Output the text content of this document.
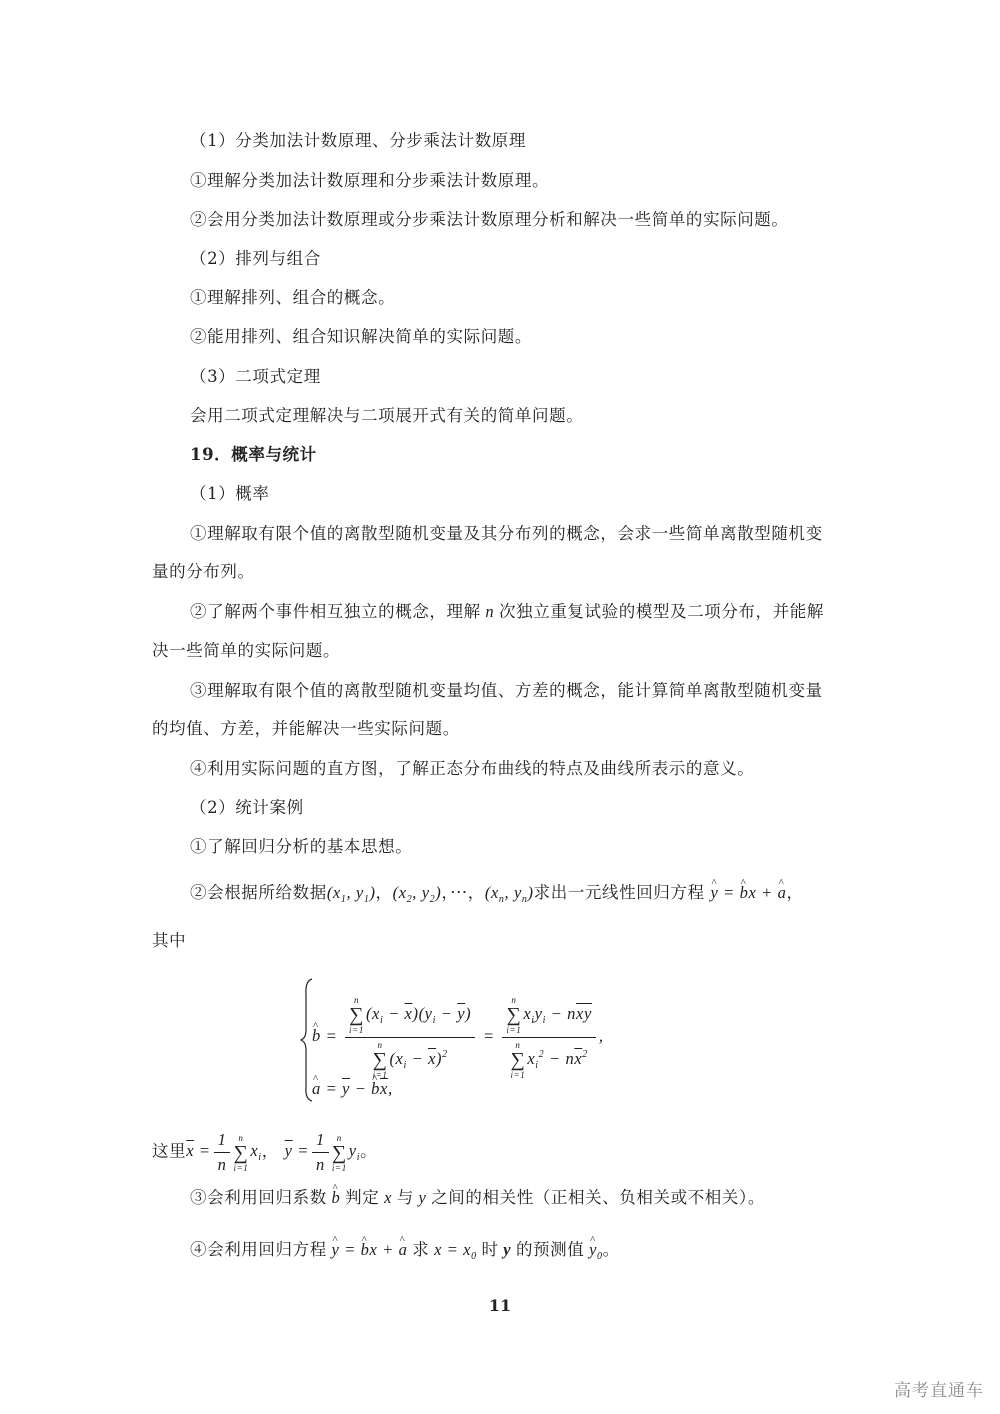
（1）分类加法计数原理、分步乘法计数原理
①理解分类加法计数原理和分步乘法计数原理。
②会用分类加法计数原理或分步乘法计数原理分析和解决一些简单的实际问题。
（2）排列与组合
①理解排列、组合的概念。
②能用排列、组合知识解决简单的实际问题。
（3）二项式定理
会用二项式定理解决与二项展开式有关的简单问题。
19．概率与统计
（1）概率
①理解取有限个值的离散型随机变量及其分布列的概念，会求一些简单离散型随机变
量的分布列。
②了解两个事件相互独立的概念，理解 n 次独立重复试验的模型及二项分布，并能解
决一些简单的实际问题。
③理解取有限个值的离散型随机变量均值、方差的概念，能计算简单离散型随机变量
的均值、方差，并能解决一些实际问题。
④利用实际问题的直方图，了解正态分布曲线的特点及曲线所表示的意义。
（2）统计案例
①了解回归分析的基本思想。
②会根据所给数据($x_1$, $y_1$)，($x_2$, $y_2$)，···，($x_n$, $y_n$)求出一元线性回归方程 ^ y = ^ bx + ^ a，
其中
^ b = n
∑
$i=1(x_i - \overline{x})(y_i - \overline{y})$
n
∑
$i=1(x_i - \overline{x})^2 = n$
∑
$i=1x_iy_i - n\overline{x}\overline{y}$
n
∑
$i=1x_i^2 - n\overline{x}^2$ ,
^ $a = \overline{y}$ − ^ $b\overline{x}$,
这里$\overline{x} = \frac{1}{n}$ n
∑
$i=1x_i$， $\overline{y} = \frac{1}{n}$ n
∑
$i=1y_i$。
③会利用回归系数 ^ b 判定 x 与 y 之间的相关性（正相关、负相关或不相关）。
④会利用回归方程 ^ y = ^ bx + ^ a 求 $x = x_0$ 时 y 的预测值 ^ $y_0$。
11
高考直通车
